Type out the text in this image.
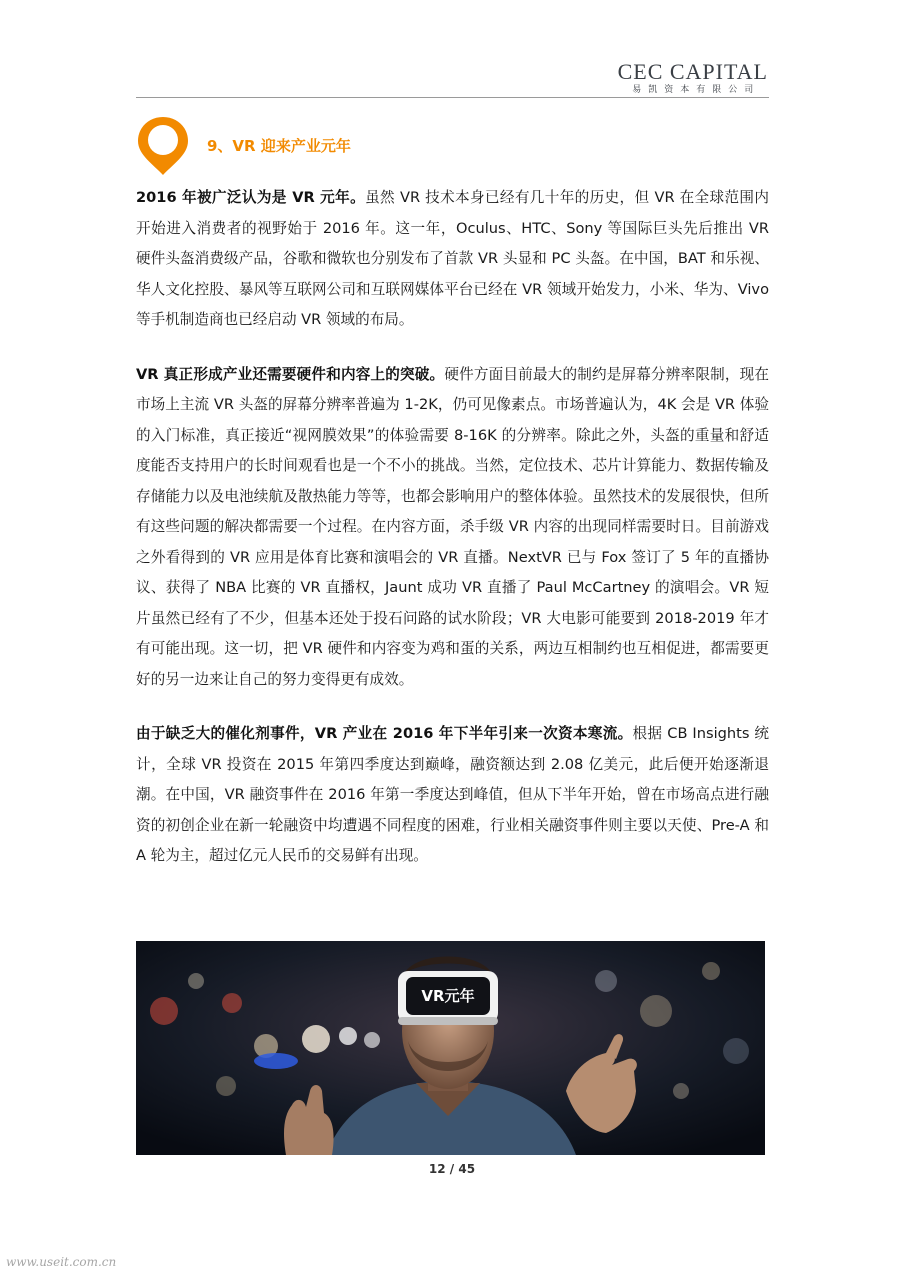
CEC CAPITAL
易凯资本有限公司
9、VR 迎来产业元年

2016 年被广泛认为是 VR 元年。虽然 VR 技术本身已经有几十年的历史，但 VR 在全球范围内开始进入消费者的视野始于 2016 年。这一年，Oculus、HTC、Sony 等国际巨头先后推出 VR 硬件头盔消费级产品，谷歌和微软也分别发布了首款 VR 头显和 PC 头盔。在中国，BAT 和乐视、华人文化控股、暴风等互联网公司和互联网媒体平台已经在 VR 领域开始发力，小米、华为、Vivo 等手机制造商也已经启动 VR 领域的布局。

VR 真正形成产业还需要硬件和内容上的突破。硬件方面目前最大的制约是屏幕分辨率限制，现在市场上主流 VR 头盔的屏幕分辨率普遍为 1-2K，仍可见像素点。市场普遍认为，4K 会是 VR 体验的入门标准，真正接近“视网膜效果”的体验需要 8-16K 的分辨率。除此之外，头盔的重量和舒适度能否支持用户的长时间观看也是一个不小的挑战。当然，定位技术、芯片计算能力、数据传输及存储能力以及电池续航及散热能力等等，也都会影响用户的整体体验。虽然技术的发展很快，但所有这些问题的解决都需要一个过程。在内容方面，杀手级 VR 内容的出现同样需要时日。目前游戏之外看得到的 VR 应用是体育比赛和演唱会的 VR 直播。NextVR 已与 Fox 签订了 5 年的直播协议、获得了 NBA 比赛的 VR 直播权，Jaunt 成功 VR 直播了 Paul McCartney 的演唱会。VR 短片虽然已经有了不少，但基本还处于投石问路的试水阶段；VR 大电影可能要到 2018-2019 年才有可能出现。这一切，把 VR 硬件和内容变为鸡和蛋的关系，两边互相制约也互相促进，都需要更好的另一边来让自己的努力变得更有成效。

由于缺乏大的催化剂事件，VR 产业在 2016 年下半年引来一次资本寒流。根据 CB Insights 统计，全球 VR 投资在 2015 年第四季度达到巅峰，融资额达到 2.08 亿美元，此后便开始逐渐退潮。在中国，VR 融资事件在 2016 年第一季度达到峰值，但从下半年开始，曾在市场高点进行融资的初创企业在新一轮融资中均遭遇不同程度的困难，行业相关融资事件则主要以天使、Pre-A 和 A 轮为主，超过亿元人民币的交易鲜有出现。

VR元年
12 / 45
www.useit.com.cn
